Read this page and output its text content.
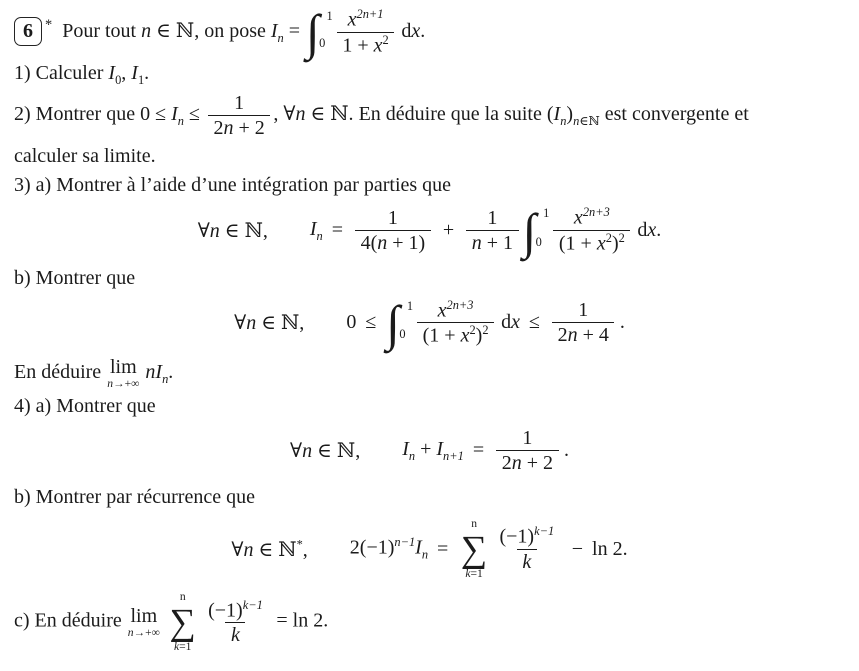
6 * Pour tout n ∈ ℕ, on pose $I_n$ = ∫ 1
$0 \frac{x^{2n+1}}{1 + x^2}$ dx.

1) Calculer $I_0$, $I_1$.

2) Montrer que $0 \le I_n \le \frac{1}{2n + 2}$ , ∀n ∈ ℕ. En déduire que la suite $(I_n)_{n\in ℕ}$ est convergente et

calculer sa limite.

3) a) Montrer à l’aide d’une intégration par parties que

∀n ∈ ℕ, $I_n = \frac{1}{4(n + 1)} + \frac{1}{n + 1}$ ∫ 1
$0 \frac{x^{2n+3}}{(1 + x^2)^2}$ dx.

b) Montrer que

∀n ∈ ℕ, 0 ≤ ∫ 1
$0 \frac{x^{2n+3}}{(1 + x^2)^2}$ dx ≤ $\frac{1}{2n + 4}$ .

En déduire lim
n→+∞
$nI_n$.

4) a) Montrer que

∀n ∈ ℕ, $I_n + I_{n+1} = \frac{1}{2n + 2}$ .

b) Montrer par récurrence que

∀n ∈ ℕ*, $2(-1)^{n-1}I_n$ =
n
∑
$k=1 \frac{(-1)^{k-1}}{k} - \ln 2$.

c) En déduire lim
n→+∞
n
∑
$k=1 \frac{(-1)^{k-1}}{k} = \ln 2$.
